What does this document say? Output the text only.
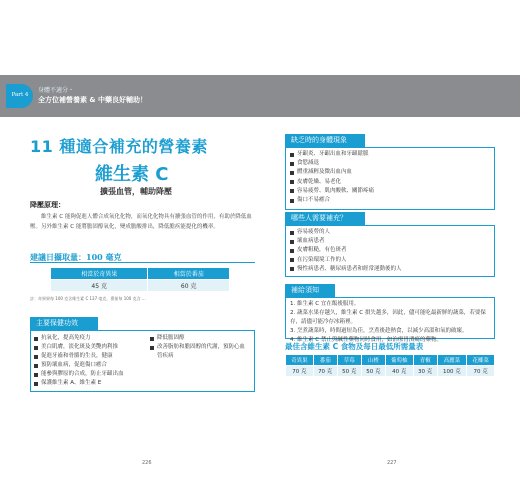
Part 4
身體不適分・
全方位補營養素 & 中藥良好輔助！
11 種適合補充的營養素
維生素 C
擴張血管，輔助降壓
降壓原理：
維生素 C 能夠促進人體合成氧化化物，而氧化化物具有擴張血管的作用，有助於降低血壓。另外維生素 C 能將膽固醇氧化，變成膽酸排出，降低膽疾能提化的機率。
建議日攝取量：100 毫克
相當於奇異果	相當於番茄
45 克	60 克
註：奇異果每 100 克含維生素 C 137 毫克，番茄每 100 克含 ...
主要保健功效
抗氧化，提高免疫力
美白肌膚，淡化斑及美艷肉利推
促進牙齒和骨骼的生長，健康
預防壞血病，促進傷口癒合
能參與膠原的合成，防止牙齦出血
保護維生素 A、維生素 E
降低膽固醇
改善脂肪和膽固醇的代謝，預防心血管疾病
226
缺乏時的身體現象
牙齦炎、牙齦出血和牙齦鬆脈
食慾減退
體重減輕及微出血內血
皮膚乾燥、易老化
容易疲勞、肌肉酸軟、關節疼痛
傷口不易癒合
哪些人需要補充？
容易疲勞的人
壞血病患者
皮膚粗糙，有色斑者
在污染環境工作的人
慢性病患者、糖尿病患者和經常運動後的人
補給須知
1. 維生素 C 宜在飯後服用。
2. 蔬菜水果存越久，維生素 C 損失越多，因此，儘可能吃最新鮮的蔬菜，若要保存，請儘可能冷存冰箱裡。
3. 烹煮蔬菜時，時間過短為佳，烹煮後趁熱食，以減少高溫和氧的破壞。
4. 維生素 C 禁止與鹹性藥物同時食用，如治療胃潰瘍的藥物。
最佳含維生素 C 食物及每日最低所需量表
奇異果	番茄	草莓	山楂	葡萄柚	青椒	高麗菜	花椰菜
70 克	70 克	50 克	50 克	40 克	30 克	100 克	70 克
227
